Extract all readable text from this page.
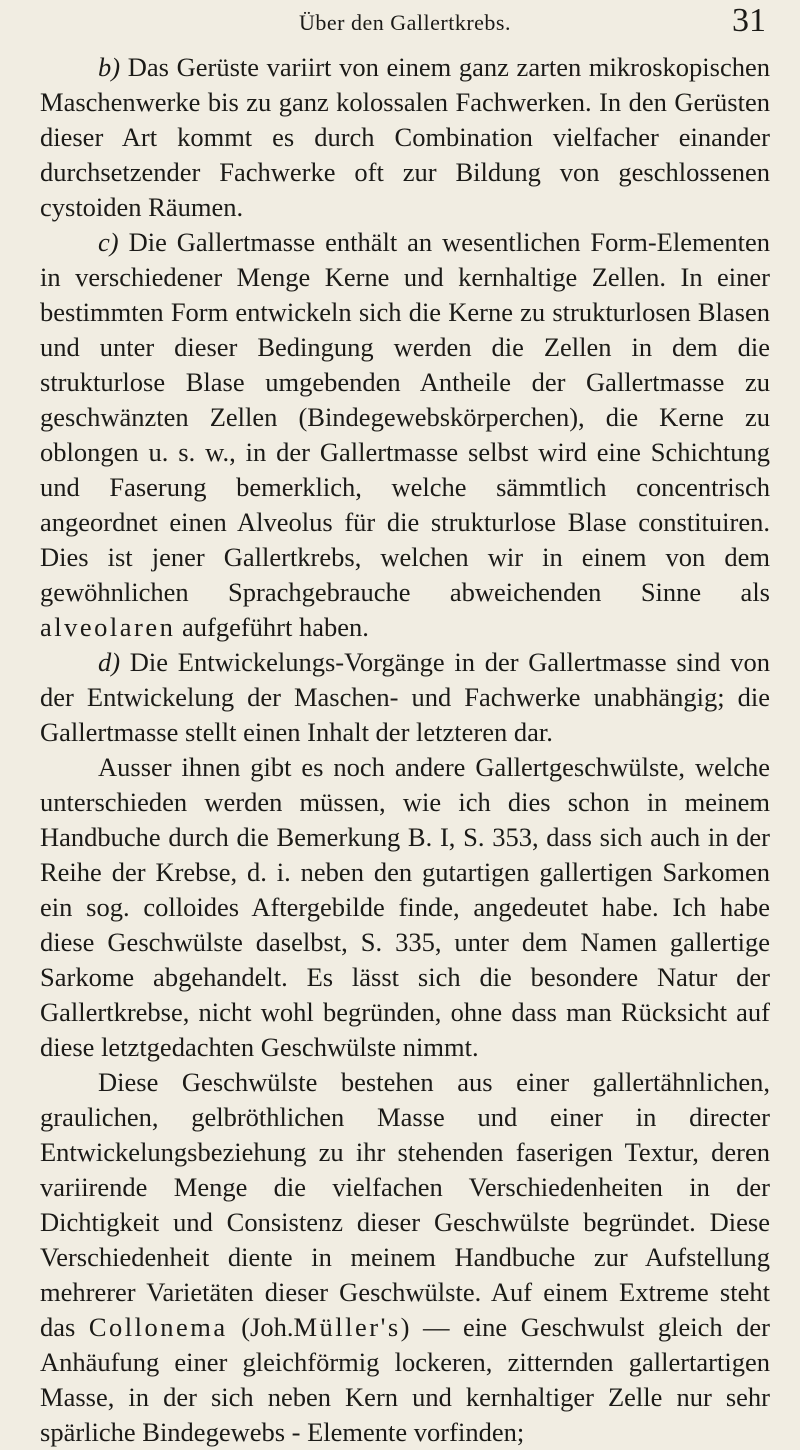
Über den Gallertkrebs.	31

b) Das Gerüste variirt von einem ganz zarten mikroskopischen Maschenwerke bis zu ganz kolossalen Fachwerken. In den Gerüsten dieser Art kommt es durch Combination vielfacher einander durchsetzender Fachwerke oft zur Bildung von geschlossenen cystoiden Räumen.

c) Die Gallertmasse enthält an wesentlichen Form-Elementen in verschiedener Menge Kerne und kernhaltige Zellen. In einer bestimmten Form entwickeln sich die Kerne zu strukturlosen Blasen und unter dieser Bedingung werden die Zellen in dem die strukturlose Blase umgebenden Antheile der Gallertmasse zu geschwänzten Zellen (Bindegewebskörperchen), die Kerne zu oblongen u. s. w., in der Gallertmasse selbst wird eine Schichtung und Faserung bemerklich, welche sämmtlich concentrisch angeordnet einen Alveolus für die strukturlose Blase constituiren. Dies ist jener Gallertkrebs, welchen wir in einem von dem gewöhnlichen Sprachgebrauche abweichenden Sinne als alveolaren aufgeführt haben.

d) Die Entwickelungs-Vorgänge in der Gallertmasse sind von der Entwickelung der Maschen- und Fachwerke unabhängig; die Gallertmasse stellt einen Inhalt der letzteren dar.

Ausser ihnen gibt es noch andere Gallertgeschwülste, welche unterschieden werden müssen, wie ich dies schon in meinem Handbuche durch die Bemerkung B. I, S. 353, dass sich auch in der Reihe der Krebse, d. i. neben den gutartigen gallertigen Sarkomen ein sog. colloides Aftergebilde finde, angedeutet habe. Ich habe diese Geschwülste daselbst, S. 335, unter dem Namen gallertige Sarkome abgehandelt. Es lässt sich die besondere Natur der Gallertkrebse, nicht wohl begründen, ohne dass man Rücksicht auf diese letztgedachten Geschwülste nimmt.

Diese Geschwülste bestehen aus einer gallertähnlichen, graulichen, gelbröthlichen Masse und einer in directer Entwickelungsbeziehung zu ihr stehenden faserigen Textur, deren variirende Menge die vielfachen Verschiedenheiten in der Dichtigkeit und Consistenz dieser Geschwülste begründet. Diese Verschiedenheit diente in meinem Handbuche zur Aufstellung mehrerer Varietäten dieser Geschwülste. Auf einem Extreme steht das Collonema (Joh.Müller's) — eine Geschwulst gleich der Anhäufung einer gleichförmig lockeren, zitternden gallertartigen Masse, in der sich neben Kern und kernhaltiger Zelle nur sehr spärliche Bindegewebs - Elemente vorfinden;
